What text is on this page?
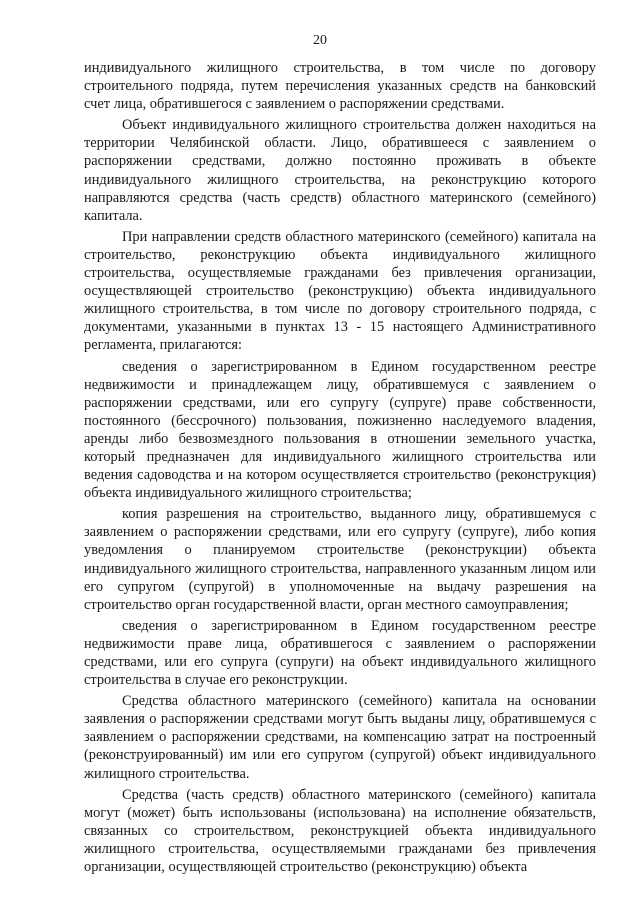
20

индивидуального жилищного строительства, в том числе по договору строительного подряда, путем перечисления указанных средств на банковский счет лица, обратившегося с заявлением о распоряжении средствами.

Объект индивидуального жилищного строительства должен находиться на территории Челябинской области. Лицо, обратившееся с заявлением о распоряжении средствами, должно постоянно проживать в объекте индивидуального жилищного строительства, на реконструкцию которого направляются средства (часть средств) областного материнского (семейного) капитала.

При направлении средств областного материнского (семейного) капитала на строительство, реконструкцию объекта индивидуального жилищного строительства, осуществляемые гражданами без привлечения организации, осуществляющей строительство (реконструкцию) объекта индивидуального жилищного строительства, в том числе по договору строительного подряда, с документами, указанными в пунктах 13 - 15 настоящего Административного регламента, прилагаются:

сведения о зарегистрированном в Едином государственном реестре недвижимости и принадлежащем лицу, обратившемуся с заявлением о распоряжении средствами, или его супругу (супруге) праве собственности, постоянного (бессрочного) пользования, пожизненно наследуемого владения, аренды либо безвозмездного пользования в отношении земельного участка, который предназначен для индивидуального жилищного строительства или ведения садоводства и на котором осуществляется строительство (реконструкция) объекта индивидуального жилищного строительства;

копия разрешения на строительство, выданного лицу, обратившемуся с заявлением о распоряжении средствами, или его супругу (супруге), либо копия уведомления о планируемом строительстве (реконструкции) объекта индивидуального жилищного строительства, направленного указанным лицом или его супругом (супругой) в уполномоченные на выдачу разрешения на строительство орган государственной власти, орган местного самоуправления;

сведения о зарегистрированном в Едином государственном реестре недвижимости праве лица, обратившегося с заявлением о распоряжении средствами, или его супруга (супруги) на объект индивидуального жилищного строительства в случае его реконструкции.

Средства областного материнского (семейного) капитала на основании заявления о распоряжении средствами могут быть выданы лицу, обратившемуся с заявлением о распоряжении средствами, на компенсацию затрат на построенный (реконструированный) им или его супругом (супругой) объект индивидуального жилищного строительства.

Средства (часть средств) областного материнского (семейного) капитала могут (может) быть использованы (использована) на исполнение обязательств, связанных со строительством, реконструкцией объекта индивидуального жилищного строительства, осуществляемыми гражданами без привлечения организации, осуществляющей строительство (реконструкцию) объекта
